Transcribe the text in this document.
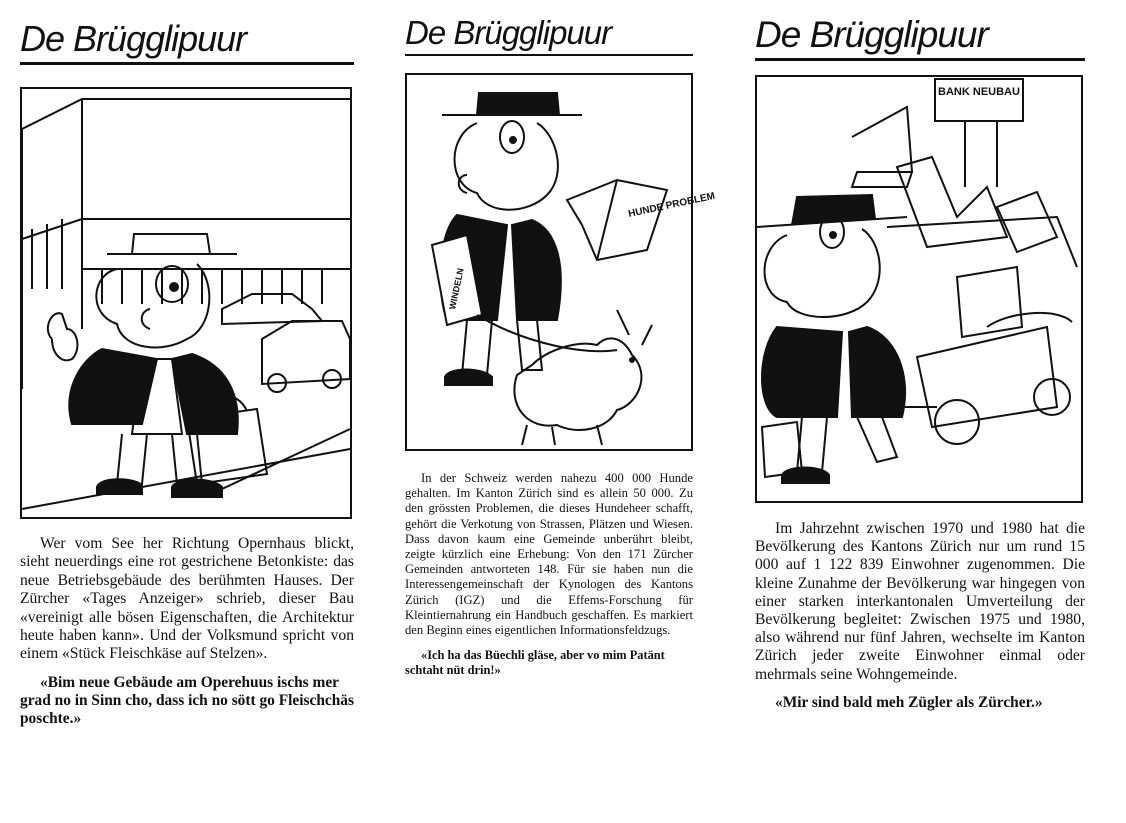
De Brügglipuur
Wer vom See her Richtung Opernhaus blickt, sieht neuerdings eine rot gestrichene Betonkiste: das neue Betriebsgebäude des berühmten Hauses. Der Zürcher «Tages Anzeiger» schrieb, dieser Bau «vereinigt alle bösen Eigenschaften, die Architektur heute haben kann». Und der Volksmund spricht von einem «Stück Fleischkäse auf Stelzen».
«Bim neue Gebäude am Operehuus ischs mer grad no in Sinn cho, dass ich no sött go Fleischchäs poschte.»
De Brügglipuur
HUNDE PROBLEM
WINDELN
In der Schweiz werden nahezu 400 000 Hunde gehalten. Im Kanton Zürich sind es allein 50 000. Zu den grössten Problemen, die dieses Hundeheer schafft, gehört die Verkotung von Strassen, Plätzen und Wiesen. Dass davon kaum eine Gemeinde unberührt bleibt, zeigte kürzlich eine Erhebung: Von den 171 Zürcher Gemeinden antworteten 148. Für sie haben nun die Interessengemeinschaft der Kynologen des Kantons Zürich (IGZ) und die Effems-Forschung für Kleintiernahrung ein Handbuch geschaffen. Es markiert den Beginn eines eigentlichen Informationsfeldzugs.
«Ich ha das Büechli gläse, aber vo mim Patänt schtaht nüt drin!»
De Brügglipuur
BANK NEUBAU
Im Jahrzehnt zwischen 1970 und 1980 hat die Bevölkerung des Kantons Zürich nur um rund 15 000 auf 1 122 839 Einwohner zugenommen. Die kleine Zunahme der Bevölkerung war hingegen von einer starken interkantonalen Umverteilung der Bevölkerung begleitet: Zwischen 1975 und 1980, also während nur fünf Jahren, wechselte im Kanton Zürich jeder zweite Einwohner einmal oder mehrmals seine Wohngemeinde.
«Mir sind bald meh Zügler als Zürcher.»
